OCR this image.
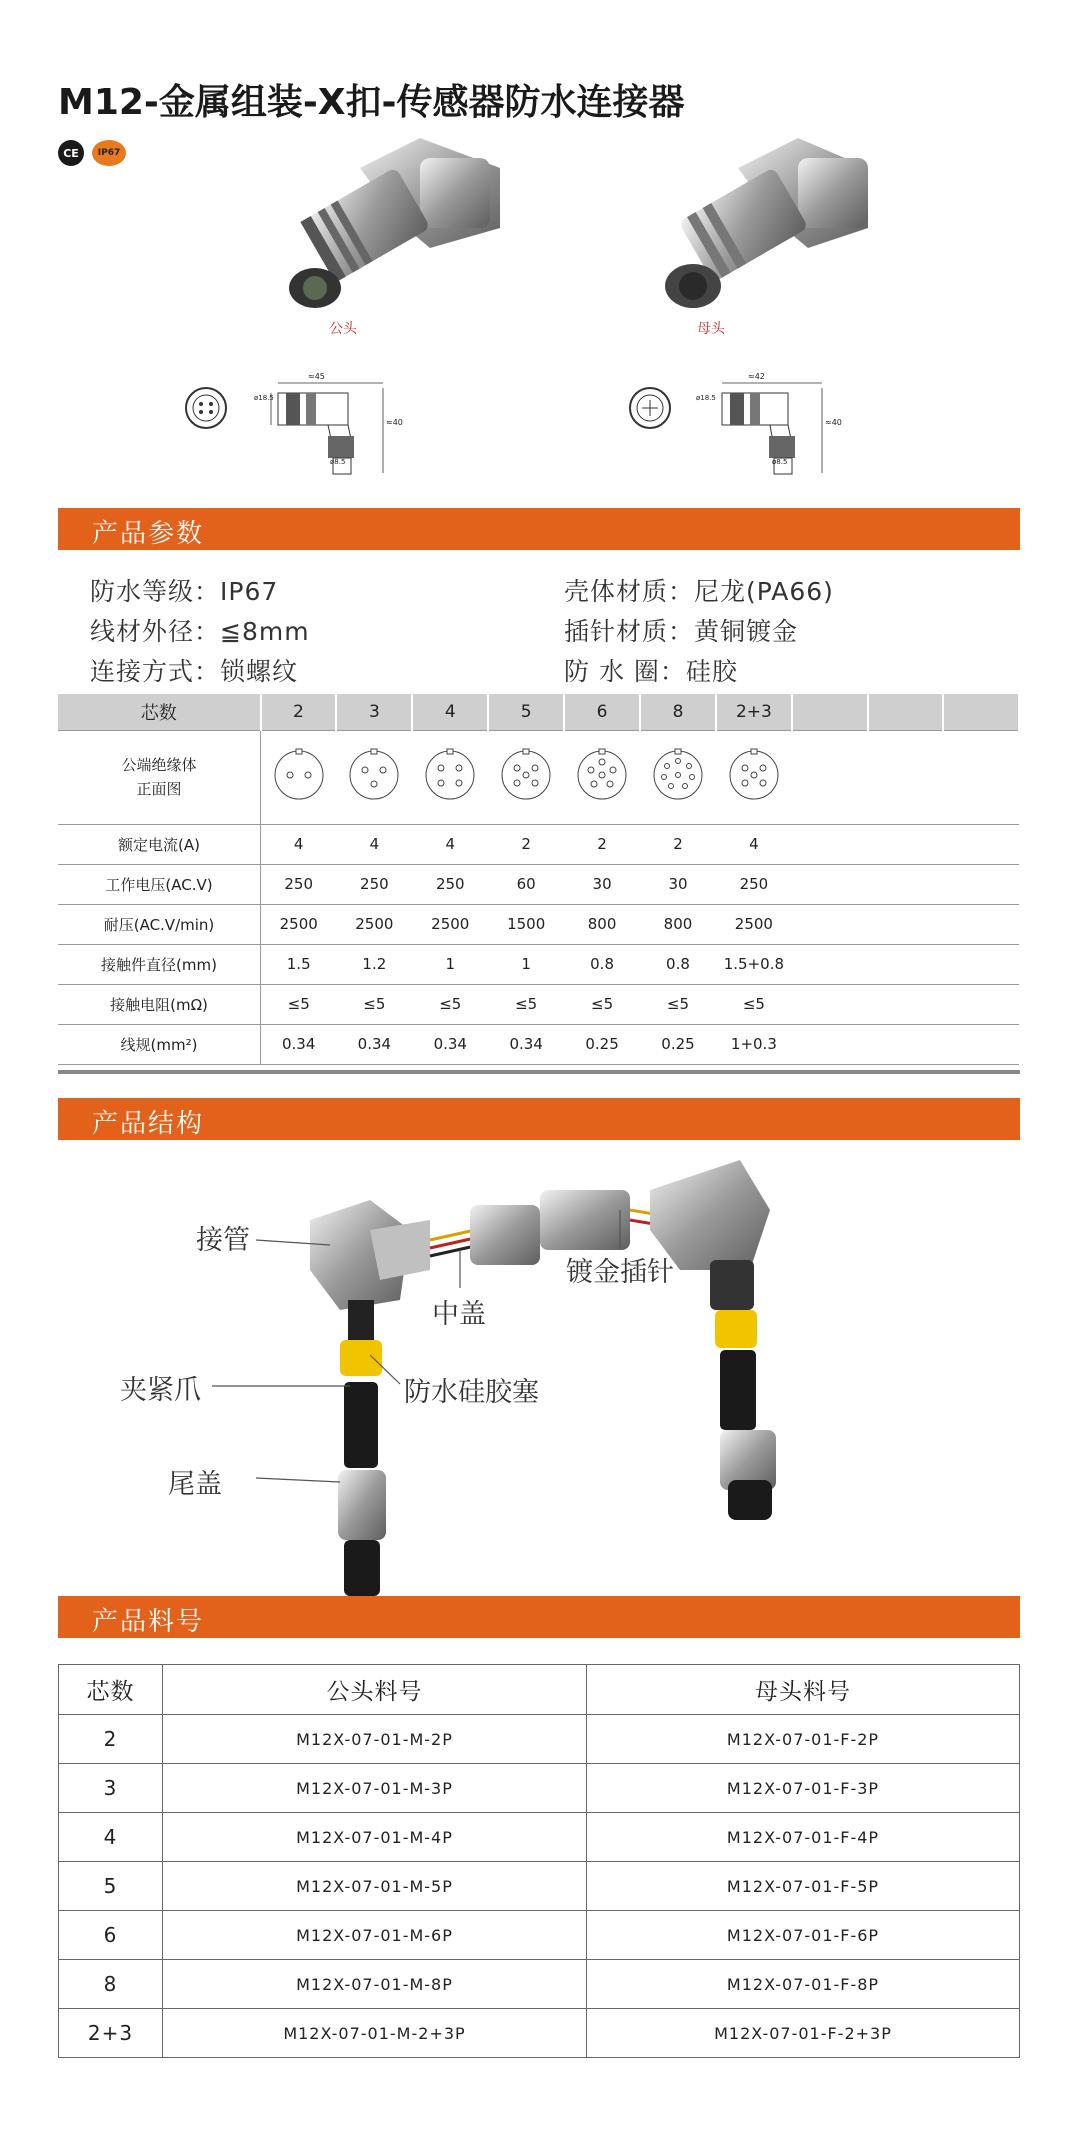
M12-金属组装-X扣-传感器防水连接器
CE	IP67
公头	母头
≈45
≈40
ø18.5
ø8.5
≈42
≈40
ø18.5
ø8.5
产品参数
防水等级：IP67	壳体材质：尼龙(PA66)
线材外径：≦8mm	插针材质：黄铜镀金
连接方式：锁螺纹	防 水 圈：硅胶
芯数	2	3	4	5	6	8	2+3			

公端绝缘体
正面图

额定电流(A)	4	4	4	2	2	2	4			
工作电压(AC.V)	250	250	250	60	30	30	250			
耐压(AC.V/min)	2500	2500	2500	1500	800	800	2500			
接触件直径(mm)	1.5	1.2	1	1	0.8	0.8	1.5+0.8			
接触电阻(mΩ)	≤5	≤5	≤5	≤5	≤5	≤5	≤5			
线规(mm²)	0.34	0.34	0.34	0.34	0.25	0.25	1+0.3			
产品结构
接管
中盖
镀金插针
夹紧爪	防水硅胶塞
尾盖
产品料号
芯数	公头料号	母头料号
2	M12X-07-01-M-2P	M12X-07-01-F-2P
3	M12X-07-01-M-3P	M12X-07-01-F-3P
4	M12X-07-01-M-4P	M12X-07-01-F-4P
5	M12X-07-01-M-5P	M12X-07-01-F-5P
6	M12X-07-01-M-6P	M12X-07-01-F-6P
8	M12X-07-01-M-8P	M12X-07-01-F-8P
2+3	M12X-07-01-M-2+3P	M12X-07-01-F-2+3P
